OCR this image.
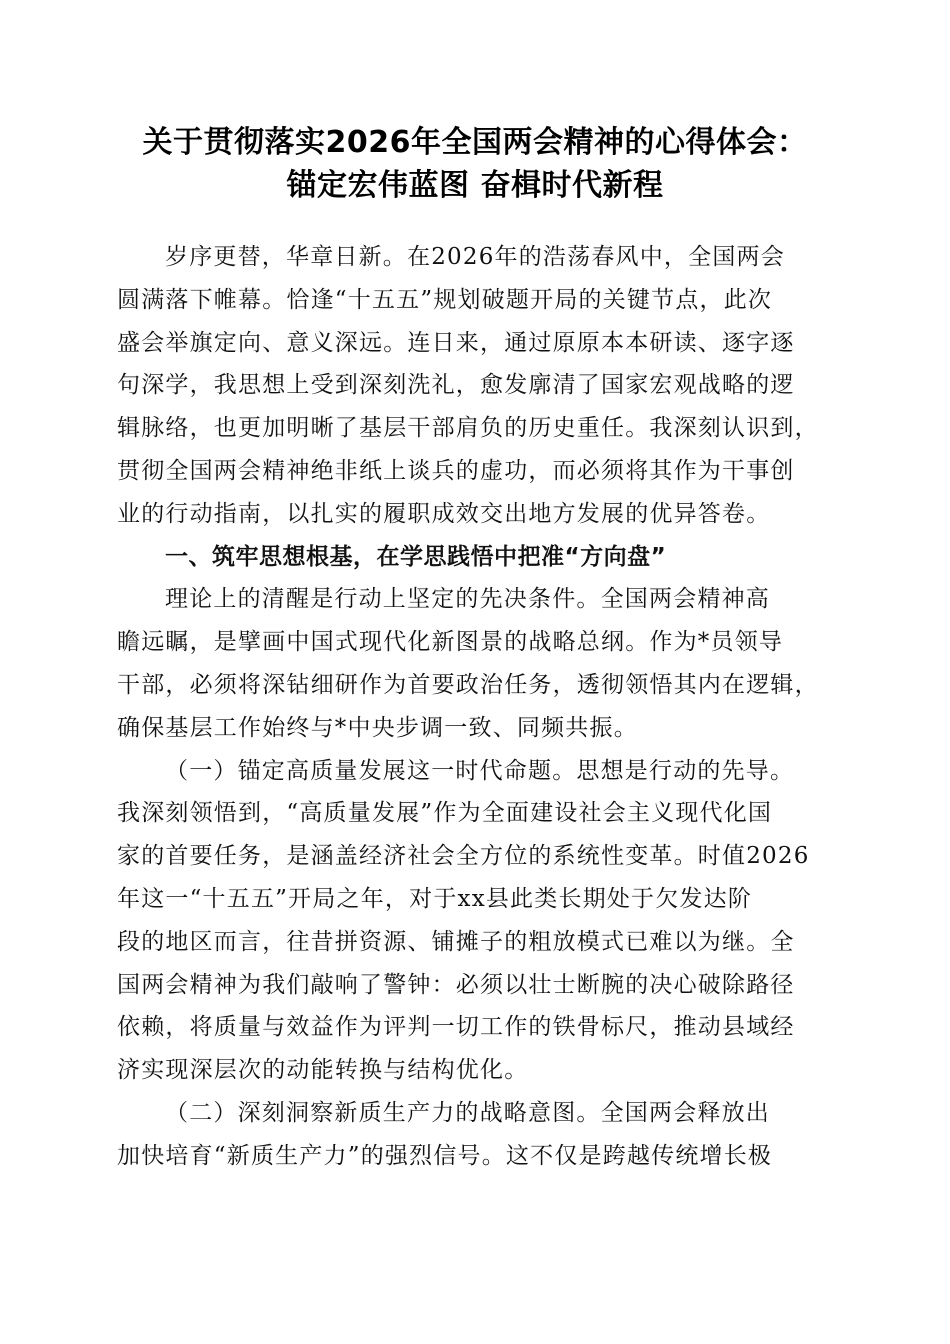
关于贯彻落实2026年全国两会精神的心得体会：
锚定宏伟蓝图 奋楫时代新程
岁序更替，华章日新。在2026年的浩荡春风中，全国两会
圆满落下帷幕。恰逢“十五五”规划破题开局的关键节点，此次
盛会举旗定向、意义深远。连日来，通过原原本本研读、逐字逐
句深学，我思想上受到深刻洗礼，愈发廓清了国家宏观战略的逻
辑脉络，也更加明晰了基层干部肩负的历史重任。我深刻认识到，
贯彻全国两会精神绝非纸上谈兵的虚功，而必须将其作为干事创
业的行动指南，以扎实的履职成效交出地方发展的优异答卷。
一、筑牢思想根基，在学思践悟中把准“方向盘”
理论上的清醒是行动上坚定的先决条件。全国两会精神高
瞻远瞩，是擘画中国式现代化新图景的战略总纲。作为*员领导
干部，必须将深钻细研作为首要政治任务，透彻领悟其内在逻辑，
确保基层工作始终与*中央步调一致、同频共振。
（一）锚定高质量发展这一时代命题。思想是行动的先导。
我深刻领悟到，“高质量发展”作为全面建设社会主义现代化国
家的首要任务，是涵盖经济社会全方位的系统性变革。时值2026
年这一“十五五”开局之年，对于xx县此类长期处于欠发达阶
段的地区而言，往昔拼资源、铺摊子的粗放模式已难以为继。全
国两会精神为我们敲响了警钟：必须以壮士断腕的决心破除路径
依赖，将质量与效益作为评判一切工作的铁骨标尺，推动县域经
济实现深层次的动能转换与结构优化。
（二）深刻洞察新质生产力的战略意图。全国两会释放出
加快培育“新质生产力”的强烈信号。这不仅是跨越传统增长极
